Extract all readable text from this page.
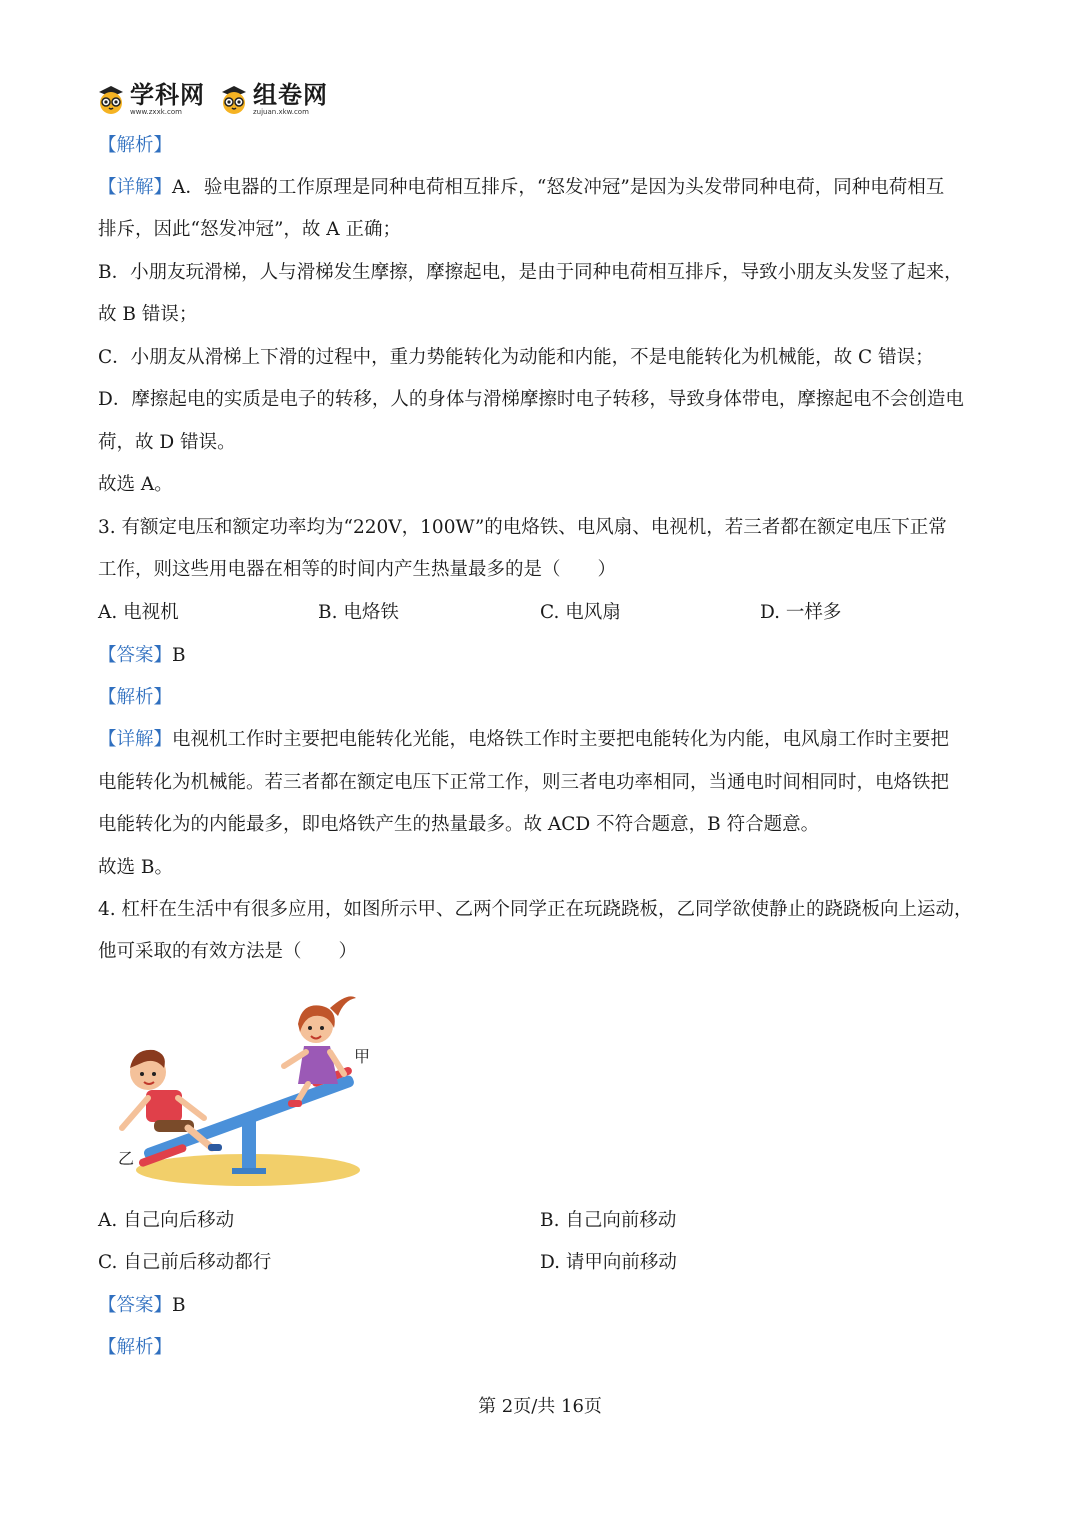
学科网
www.zxxk.com
组卷网
zujuan.xkw.com
【解析】
【详解】A．验电器的工作原理是同种电荷相互排斥，“怒发冲冠”是因为头发带同种电荷，同种电荷相互
排斥，因此“怒发冲冠”，故 A 正确；
B．小朋友玩滑梯，人与滑梯发生摩擦，摩擦起电，是由于同种电荷相互排斥，导致小朋友头发竖了起来，
故 B 错误；
C．小朋友从滑梯上下滑的过程中，重力势能转化为动能和内能，不是电能转化为机械能，故 C 错误；
D．摩擦起电的实质是电子的转移，人的身体与滑梯摩擦时电子转移，导致身体带电，摩擦起电不会创造电
荷，故 D 错误。
故选 A。
3. 有额定电压和额定功率均为“220V，100W”的电烙铁、电风扇、电视机，若三者都在额定电压下正常
工作，则这些用电器在相等的时间内产生热量最多的是（　　）
A. 电视机	B. 电烙铁	C. 电风扇	D. 一样多
【答案】B
【解析】
【详解】电视机工作时主要把电能转化光能，电烙铁工作时主要把电能转化为内能，电风扇工作时主要把
电能转化为机械能。若三者都在额定电压下正常工作，则三者电功率相同，当通电时间相同时，电烙铁把
电能转化为的内能最多，即电烙铁产生的热量最多。故 ACD 不符合题意，B 符合题意。
故选 B。
4. 杠杆在生活中有很多应用，如图所示甲、乙两个同学正在玩跷跷板，乙同学欲使静止的跷跷板向上运动，
他可采取的有效方法是（　　）
甲
乙
A. 自己向后移动	B. 自己向前移动
C. 自己前后移动都行	D. 请甲向前移动
【答案】B
【解析】
第 2页/共 16页
